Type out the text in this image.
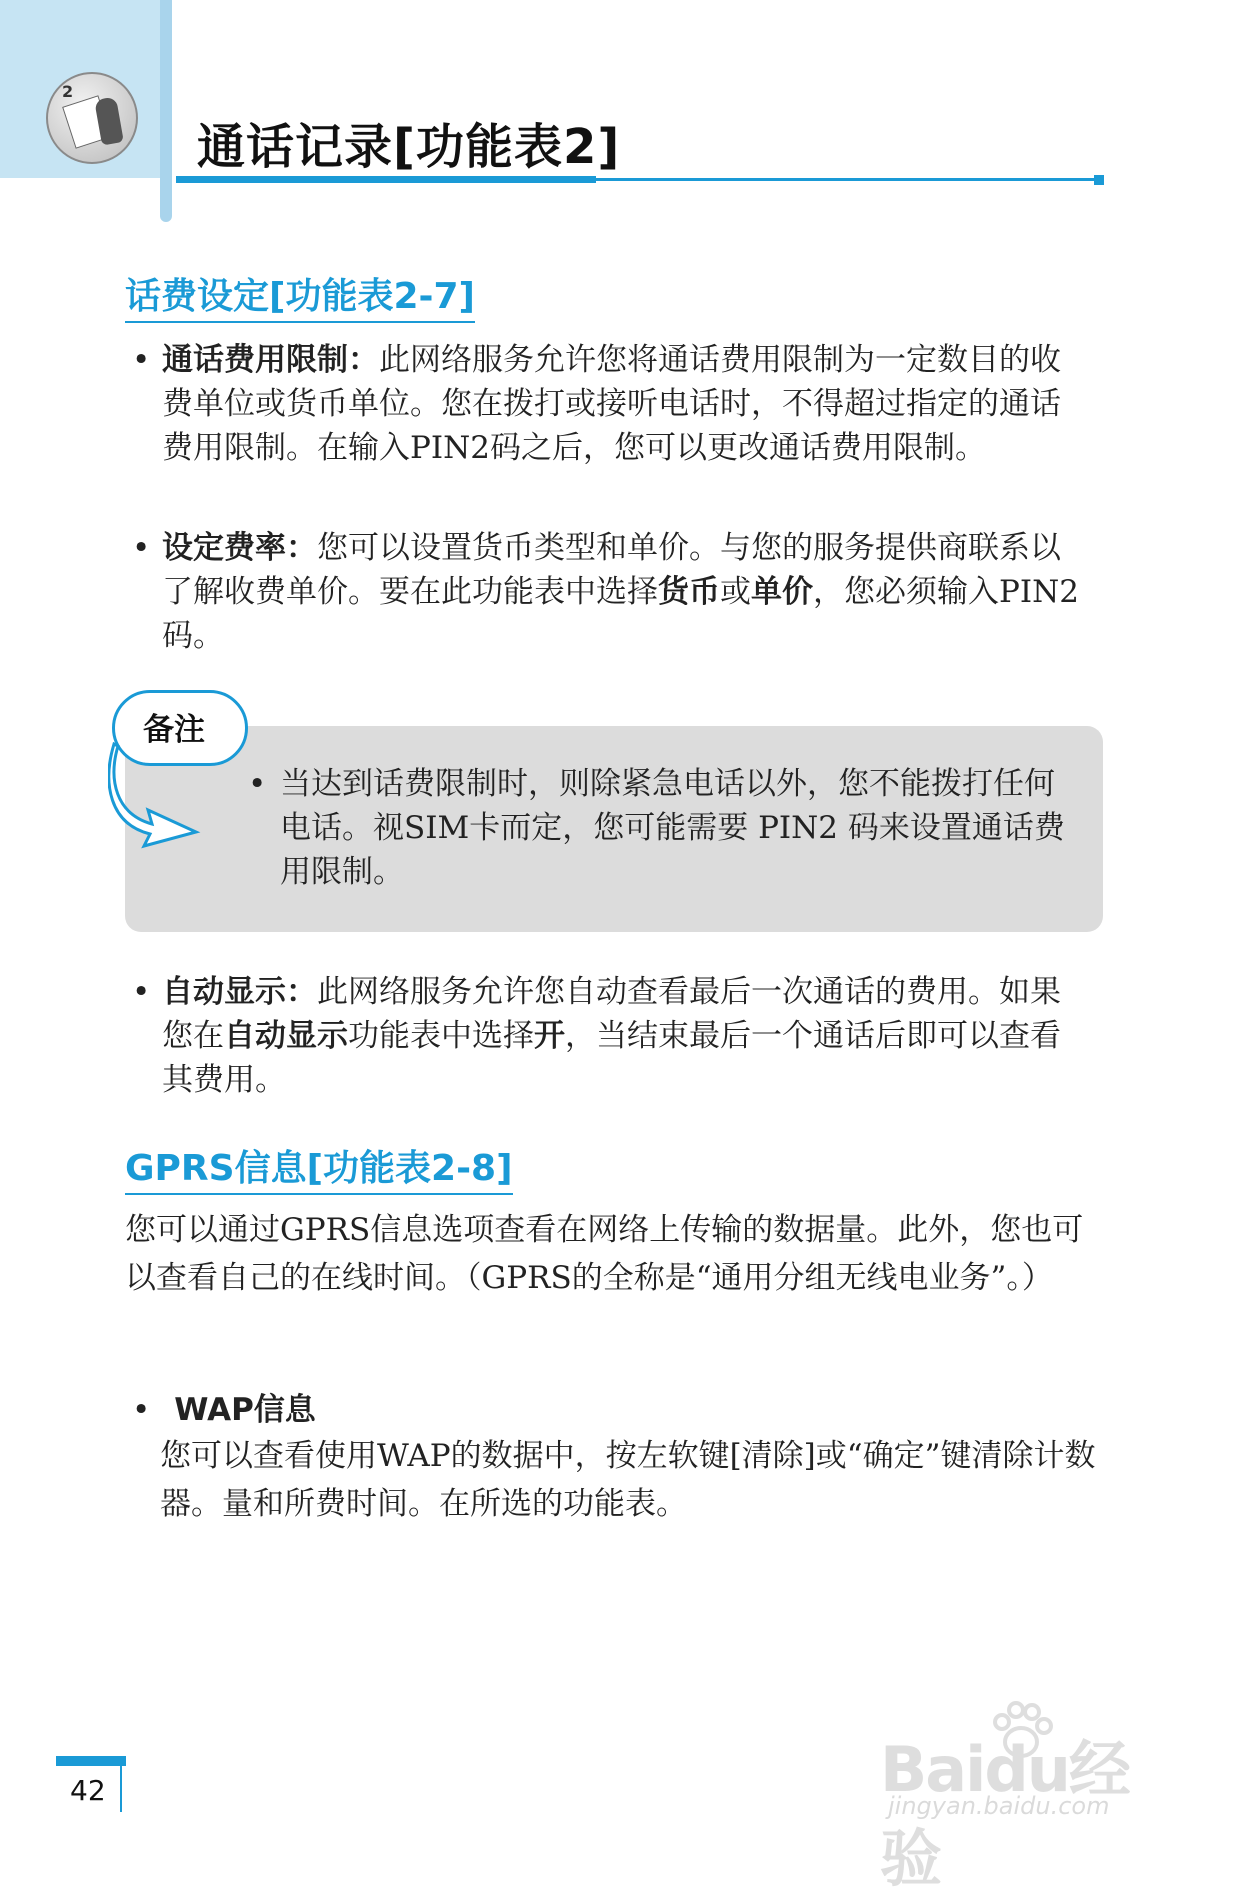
2
通话记录[功能表2]
话费设定[功能表2-7]
• 通话费用限制：此网络服务允许您将通话费用限制为一定数目的收费单位或货币单位。您在拨打或接听电话时，不得超过指定的通话费用限制。在输入PIN2码之后，您可以更改通话费用限制。
• 设定费率：您可以设置货币类型和单价。与您的服务提供商联系以了解收费单价。要在此功能表中选择货币或单价，您必须输入PIN2码。
备注
• 当达到话费限制时，则除紧急电话以外，您不能拨打任何电话。视SIM卡而定，您可能需要 PIN2 码来设置通话费用限制。
• 自动显示：此网络服务允许您自动查看最后一次通话的费用。如果您在自动显示功能表中选择开，当结束最后一个通话后即可以查看其费用。
GPRS信息[功能表2-8]
您可以通过GPRS信息选项查看在网络上传输的数据量。此外，您也可以查看自己的在线时间。（GPRS的全称是“通用分组无线电业务”。）
• WAP信息
您可以查看使用WAP的数据中，按左软键[清除]或“确定”键清除计数器。量和所费时间。在所选的功能表。
42	Baidu经验
jingyan.baidu.com
